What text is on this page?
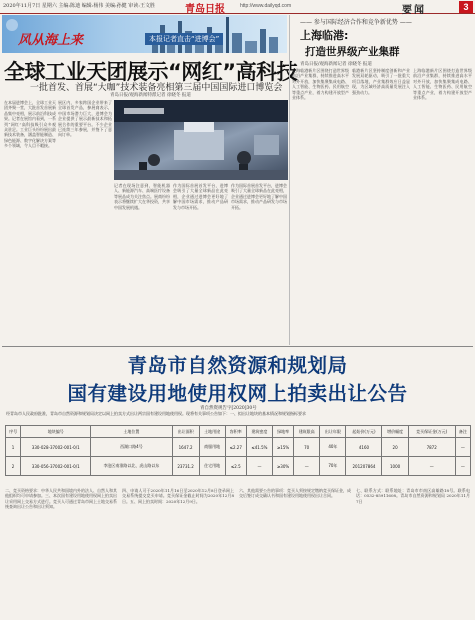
2020年11月7日 星期六 主编:陈迪 编辑:杨伟 美编:孙健 审读:王文胜	青岛日报	http://www.dailyqd.com	要闻	3
风从海上来	本报记者直击“进博会”
—— 参与国际经济合作和竞争新优势 ——
上海临港:
打造世界级产业集群
青岛日报/观海新闻记者 徐晓冬 报道
全球工业天团展示“网红”高科技
一批首发、首展“大咖”技术装备亮相第三届中国国际进口博览会
青岛日报/观海新闻特派记者 徐晓冬 报道
在本届进博会上，全球工业天团齐聚一堂，大批首发首展新品集中亮相，展示前沿科技成果。记者在展馆内看到，一系列“网红”高科技吸引众多观众驻足。工业巨头纷纷展出最新技术装备，涵盖智能制造、绿色能源、数字化解决方案等多个领域，令人目不暇接。
展区内，多家跨国企业带来了全球首发产品，参展商表示，中国市场潜力巨大，进博会为企业提供了展示最新技术和拓展合作的重要平台。不少企业已连续三年参展，并签下了意向订单。
记者在现场注意到，智能机器人、新能源汽车、高端医疗设备等展品成为关注焦点。展商纷纷表示将继续扩大在华投资，共享中国发展机遇。
作为国际首展首发平台，进博会吸引了大量全球新品在此亮相，企业通过进博会更好地了解中国市场需求，推动产品研发与市场开拓。
作为国际首展首发平台，进博会吸引了大量全球新品在此亮相，企业通过进博会更好地了解中国市场需求，推动产品研发与市场开拓。
上海临港新片区围绕打造世界级前沿产业集群，持续推进高水平对外开放，加快集聚集成电路、人工智能、生物医药、民用航空等重点产业，着力构建开放型产业体系。
临港新片区坚持制度创新和产业发展双轮驱动，吸引了一批重大项目落地，产业集群效应日益显现，为区域经济高质量发展注入强劲动力。
上海临港新片区围绕打造世界级前沿产业集群，持续推进高水平对外开放，加快集聚集成电路、人工智能、生物医药、民用航空等重点产业，着力构建开放型产业体系。
青岛市自然资源和规划局
国有建设用地使用权网上拍卖出让公告
青自然资规告字[2020]30号
经青岛市人民政府批准，青岛市自然资源和规划局决定以网上拍卖方式出让两宗国有建设用地使用权。现将有关事项公告如下：一、拟出让地块的基本情况和规划指标要求
序号	地块编号	土地位置	出让面积	土地用途	容积率	建筑密度	绿地率	建筑限高	出让年限	起始价(万元)	增价幅度	竞买保证金(万元)	备注
1	330-028-37002-001-0/1	西湖口路4号	1647.2	商服用地	≤2.27	≤41.5%	≥15%	70	40年	4160	20	7872	—
2	330-056-37002-001-0/1	李沧区南淮路以北、虎山路以东	23731.2	住宅用地	≤2.5	—	≥30%	—	70年	201207864	1000	—	—
二、竞买资格要求：中华人民共和国境内外的法人、自然人和其他组织均可申请参加。三、本次国有建设用地使用权网上拍卖出让采用网上交易方式进行。竞买人可通过青岛市网上土地交易系统查询出让公告和出让须知。
四、申请人可于2020年11月16日至2020年12月8日登录网上交易系统提交竞买申请。竞买保证金截止时间为2020年12月8日。五、网上拍卖时间：2020年12月9日。
六、其他需要公告的事项：竞买人须按规定缴纳竞买保证金，成交后签订成交确认书和国有建设用地使用权出让合同。
七、联系方式：联系地址：青岛市市南区高雄路18号。联系电话：0532-85911608。青岛市自然资源和规划局 2020年11月7日
